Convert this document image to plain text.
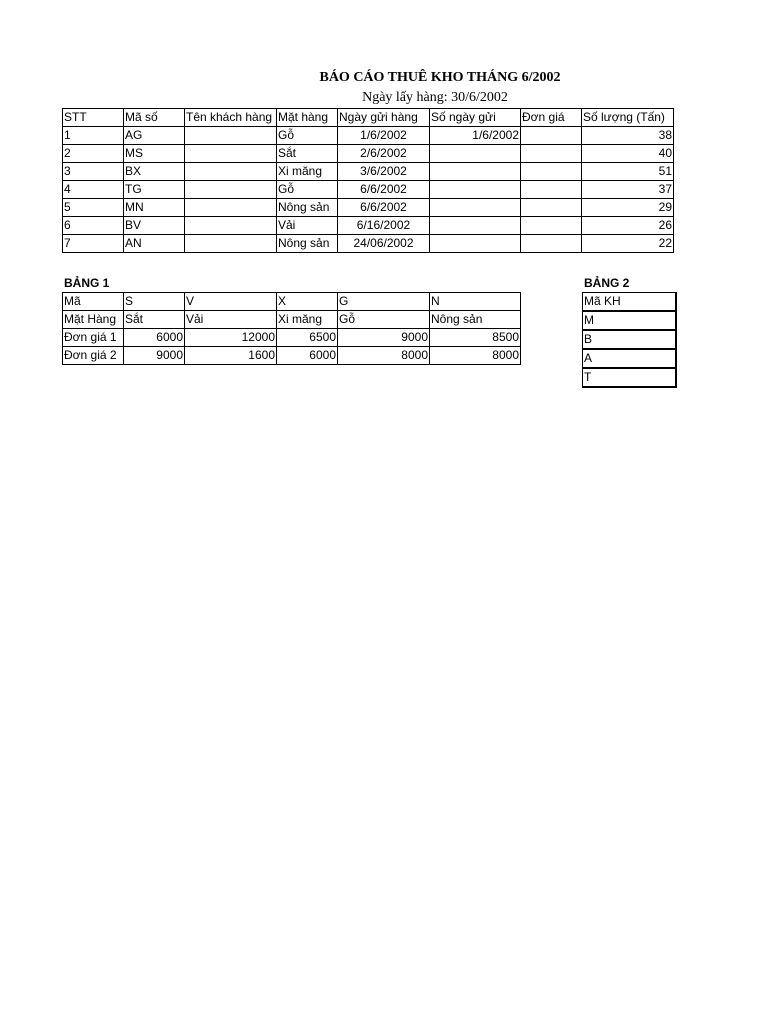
BÁO CÁO THUÊ KHO THÁNG 6/2002
Ngày lấy hàng: 30/6/2002
STT	Mã số	Tên khách hàng	Mặt hàng	Ngày gửi hàng	Số ngày gửi	Đơn giá	Số lượng (Tấn)
1	AG		Gỗ	1/6/2002	1/6/2002		38
2	MS		Sắt	2/6/2002			40
3	BX		Xi măng	3/6/2002			51
4	TG		Gỗ	6/6/2002			37
5	MN		Nông sản	6/6/2002			29
6	BV		Vải	6/16/2002			26
7	AN		Nông sản	24/06/2002			22
BẢNG 1
Mã	S	V	X	G	N
Mặt Hàng	Sắt	Vải	Xi măng	Gỗ	Nông sản
Đơn giá 1	6000	12000	6500	9000	8500
Đơn giá 2	9000	1600	6000	8000	8000
BẢNG 2
Mã KH
M
B
A
T
